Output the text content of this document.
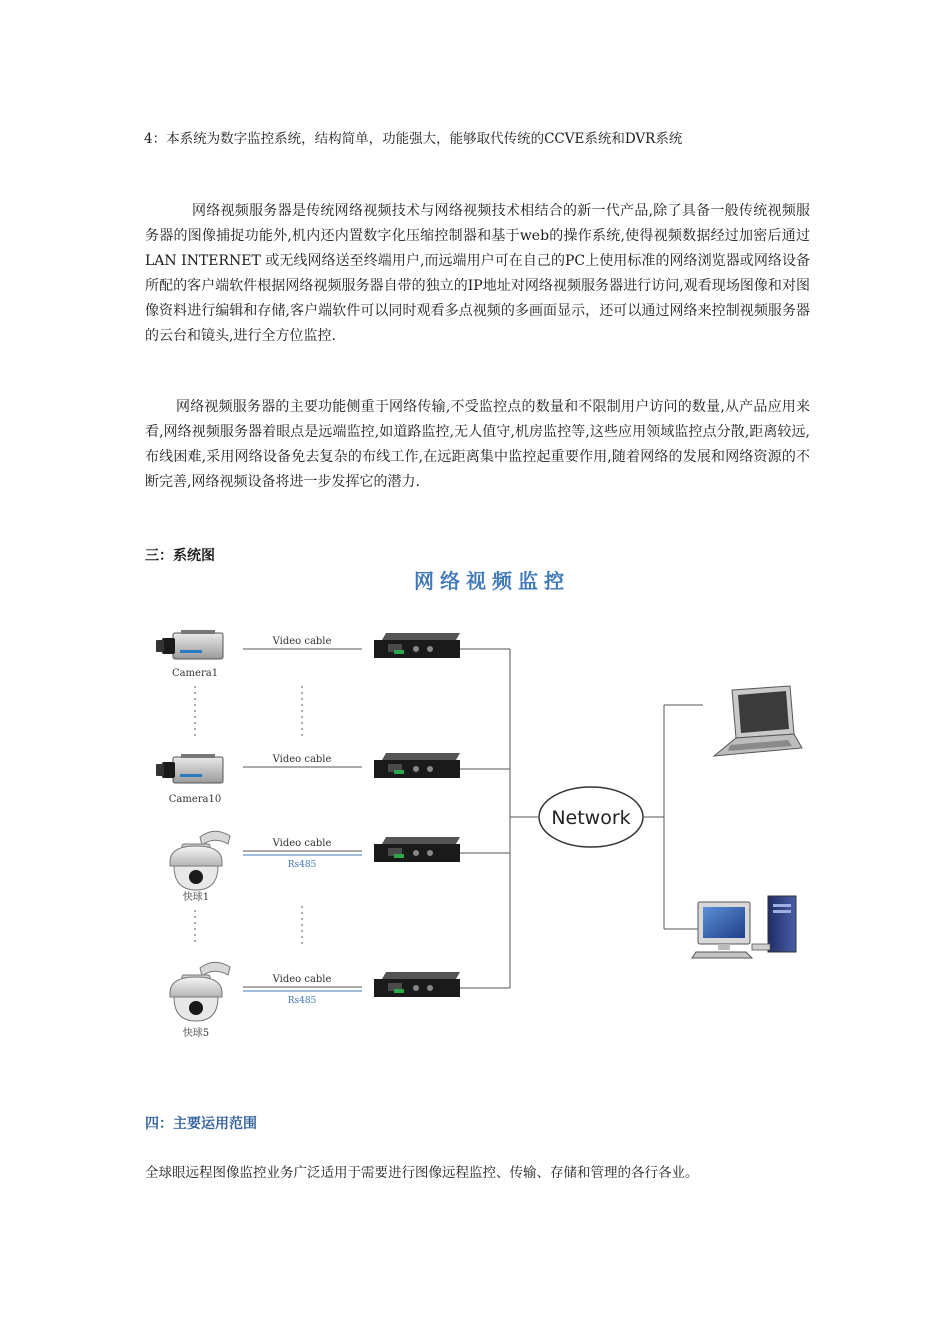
4：本系统为数字监控系统，结构简单，功能强大，能够取代传统的CCVE系统和DVR系统
网络视频服务器是传统网络视频技术与网络视频技术相结合的新一代产品,除了具备一般传统视频服务器的图像捕捉功能外,机内还内置数字化压缩控制器和基于web的操作系统,使得视频数据经过加密后通过LAN INTERNET 或无线网络送至终端用户,而远端用户可在自己的PC上使用标准的网络浏览器或网络设备所配的客户端软件根据网络视频服务器自带的独立的IP地址对网络视频服务器进行访问,观看现场图像和对图像资料进行编辑和存储,客户端软件可以同时观看多点视频的多画面显示，还可以通过网络来控制视频服务器的云台和镜头,进行全方位监控.
网络视频服务器的主要功能侧重于网络传输,不受监控点的数量和不限制用户访问的数量,从产品应用来看,网络视频服务器着眼点是远端监控,如道路监控,无人值守,机房监控等,这些应用领域监控点分散,距离较远,布线困难,采用网络设备免去复杂的布线工作,在远距离集中监控起重要作用,随着网络的发展和网络资源的不断完善,网络视频设备将进一步发挥它的潜力.
三：系统图
网络视频监控
Camera1
Video cable
Camera10
Video cable
快球1
Video cable
Rs485
快球5
Video cable
Rs485
Network
四：主要运用范围
全球眼远程图像监控业务广泛适用于需要进行图像远程监控、传输、存储和管理的各行各业。
